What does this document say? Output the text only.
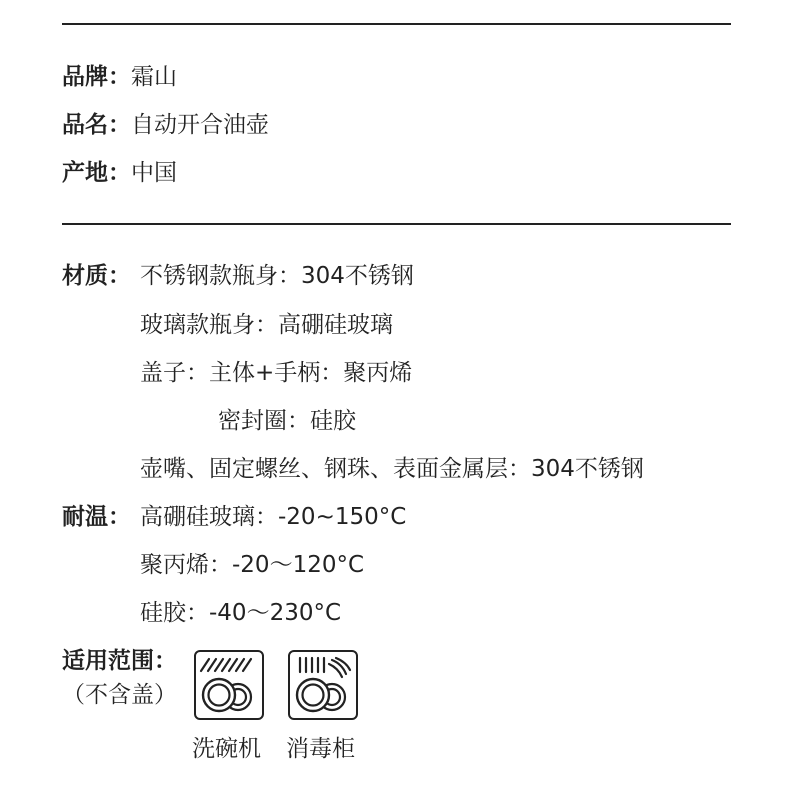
品牌：霜山
品名：自动开合油壶
产地：中国
材质： 不锈钢款瓶身：304不锈钢
玻璃款瓶身：高硼硅玻璃
盖子：主体+手柄：聚丙烯
密封圈：硅胶
壶嘴、固定螺丝、钢珠、表面金属层：304不锈钢
耐温： 高硼硅玻璃：-20~150°C
聚丙烯：-20～120°C
硅胶：-40～230°C
适用范围：
（不含盖）
洗碗机 消毒柜
